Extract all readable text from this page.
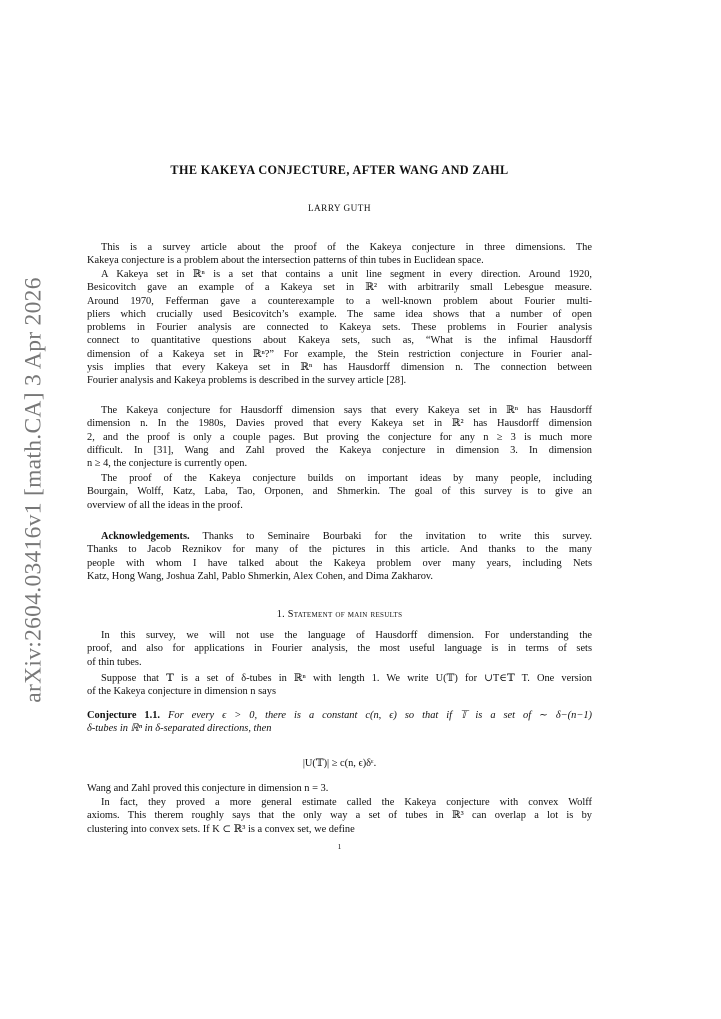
arXiv:2604.03416v1 [math.CA] 3 Apr 2026
THE KAKEYA CONJECTURE, AFTER WANG AND ZAHL
LARRY GUTH
This is a survey article about the proof of the Kakeya conjecture in three dimensions. The
Kakeya conjecture is a problem about the intersection patterns of thin tubes in Euclidean space.
A Kakeya set in ℝⁿ is a set that contains a unit line segment in every direction. Around 1920,
Besicovitch gave an example of a Kakeya set in ℝ² with arbitrarily small Lebesgue measure.
Around 1970, Fefferman gave a counterexample to a well-known problem about Fourier multi-
pliers which crucially used Besicovitch’s example. The same idea shows that a number of open
problems in Fourier analysis are connected to Kakeya sets. These problems in Fourier analysis
connect to quantitative questions about Kakeya sets, such as, “What is the infimal Hausdorff
dimension of a Kakeya set in ℝⁿ?” For example, the Stein restriction conjecture in Fourier anal-
ysis implies that every Kakeya set in ℝⁿ has Hausdorff dimension n. The connection between
Fourier analysis and Kakeya problems is described in the survey article [28].
The Kakeya conjecture for Hausdorff dimension says that every Kakeya set in ℝⁿ has Hausdorff
dimension n. In the 1980s, Davies proved that every Kakeya set in ℝ² has Hausdorff dimension
2, and the proof is only a couple pages. But proving the conjecture for any n ≥ 3 is much more
difficult. In [31], Wang and Zahl proved the Kakeya conjecture in dimension 3. In dimension
n ≥ 4, the conjecture is currently open.
The proof of the Kakeya conjecture builds on important ideas by many people, including
Bourgain, Wolff, Katz, Laba, Tao, Orponen, and Shmerkin. The goal of this survey is to give an
overview of all the ideas in the proof.
Acknowledgements. Thanks to Seminaire Bourbaki for the invitation to write this survey.
Thanks to Jacob Reznikov for many of the pictures in this article. And thanks to the many
people with whom I have talked about the Kakeya problem over many years, including Nets
Katz, Hong Wang, Joshua Zahl, Pablo Shmerkin, Alex Cohen, and Dima Zakharov.
1. Statement of main results
In this survey, we will not use the language of Hausdorff dimension. For understanding the
proof, and also for applications in Fourier analysis, the most useful language is in terms of sets
of thin tubes.
Suppose that 𝕋 is a set of δ-tubes in ℝⁿ with length 1. We write U(𝕋) for ∪T∈𝕋 T. One version
of the Kakeya conjecture in dimension n says
Conjecture 1.1. For every ϵ > 0, there is a constant c(n, ϵ) so that if 𝕋 is a set of ∼ δ−(n−1)
δ-tubes in ℝⁿ in δ-separated directions, then
|U(𝕋)| ≥ c(n, ϵ)δᵋ.
Wang and Zahl proved this conjecture in dimension n = 3.
In fact, they proved a more general estimate called the Kakeya conjecture with convex Wolff
axioms. This therem roughly says that the only way a set of tubes in ℝ³ can overlap a lot is by
clustering into convex sets. If K ⊂ ℝ³ is a convex set, we define
1
